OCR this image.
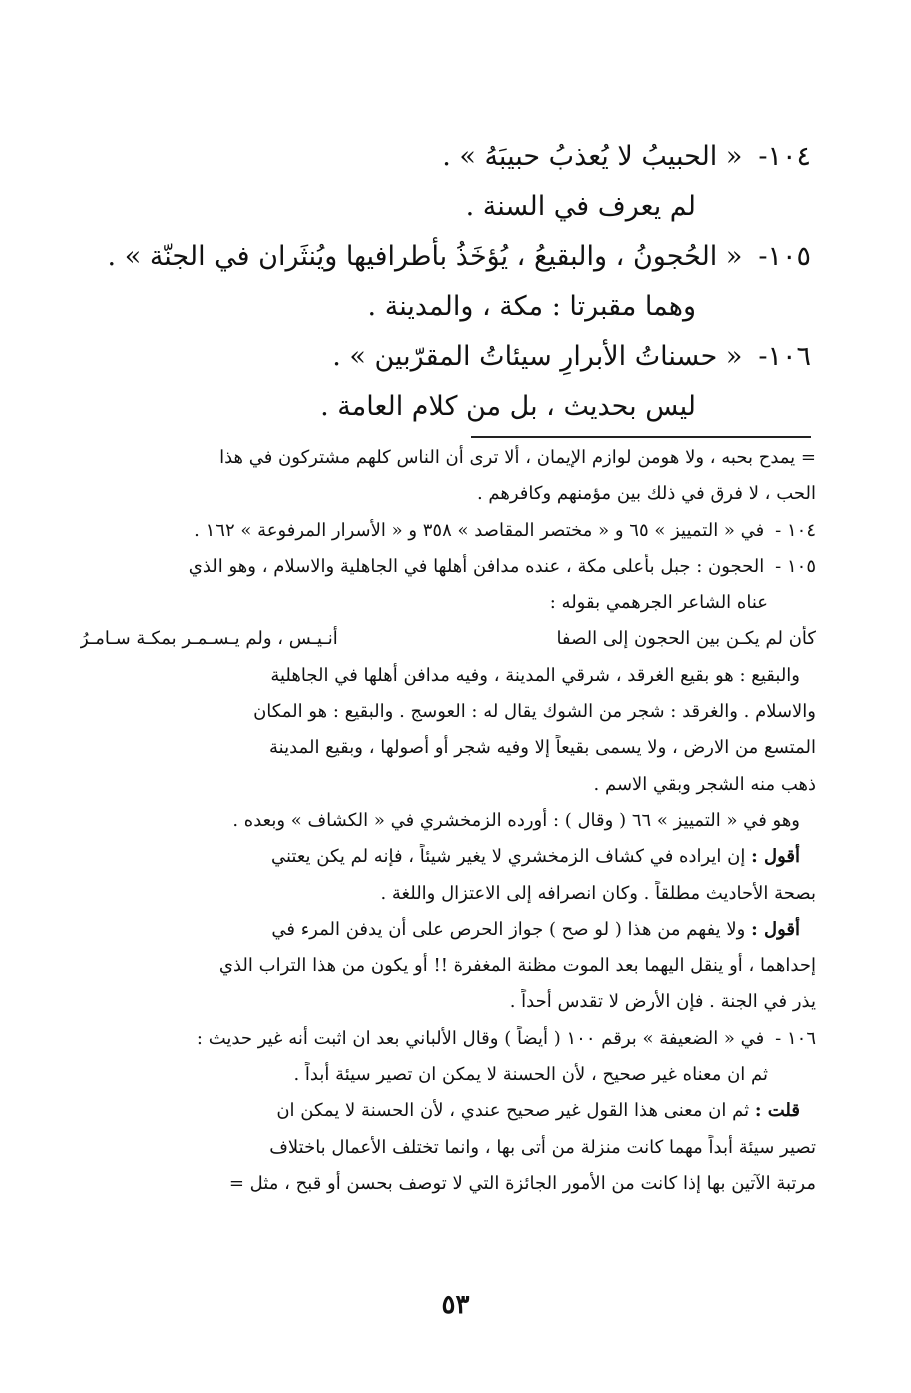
١٠٤- « الحبيبُ لا يُعذبُ حبيبَهُ » .
لم يعرف في السنة .
١٠٥- « الحُجونُ ، والبقيعُ ، يُؤخَذُ بأطرافيها ويُنثَران في الجنّة » .
وهما مقبرتا : مكة ، والمدينة .
١٠٦- « حسناتُ الأبرارِ سيئاتُ المقرّبين » .
ليس بحديث ، بل من كلام العامة .
= يمدح بحبه ، ولا هومن لوازم الإيمان ، ألا ترى أن الناس كلهم مشتركون في هذا
الحب ، لا فرق في ذلك بين مؤمنهم وكافرهم .
١٠٤ - في « التمييز » ٦٥ و « مختصر المقاصد » ٣٥٨ و « الأسرار المرفوعة » ١٦٢ .
١٠٥ - الحجون : جبل بأعلى مكة ، عنده مدافن أهلها في الجاهلية والاسلام ، وهو الذي
عناه الشاعر الجرهمي بقوله :
كأن لم يكـن بين الحجون إلى الصفا
أنـيـس ، ولم يـسـمـر بمكـة سـامـرُ
والبقيع : هو بقيع الغرقد ، شرقي المدينة ، وفيه مدافن أهلها في الجاهلية
والاسلام . والغرقد : شجر من الشوك يقال له : العوسج . والبقيع : هو المكان
المتسع من الارض ، ولا يسمى بقيعاً إلا وفيه شجر أو أصولها ، وبقيع المدينة
ذهب منه الشجر وبقي الاسم .
وهو في « التمييز » ٦٦ ( وقال ) : أورده الزمخشري في « الكشاف » وبعده .
أقول : إن ايراده في كشاف الزمخشري لا يغير شيئاً ، فإنه لم يكن يعتني
بصحة الأحاديث مطلقاً . وكان انصرافه إلى الاعتزال واللغة .
أقول : ولا يفهم من هذا ( لو صح ) جواز الحرص على أن يدفن المرء في
إحداهما ، أو ينقل اليهما بعد الموت مظنة المغفرة !! أو يكون من هذا التراب الذي
يذر في الجنة . فإن الأرض لا تقدس أحداً .
١٠٦ - في « الضعيفة » برقم ١٠٠ ( أيضاً ) وقال الألباني بعد ان اثبت أنه غير حديث :
ثم ان معناه غير صحيح ، لأن الحسنة لا يمكن ان تصير سيئة أبداً .
قلت : ثم ان معنى هذا القول غير صحيح عندي ، لأن الحسنة لا يمكن ان
تصير سيئة أبداً مهما كانت منزلة من أتى بها ، وانما تختلف الأعمال باختلاف
مرتبة الآتين بها إذا كانت من الأمور الجائزة التي لا توصف بحسن أو قبح ، مثل =
٥٣
